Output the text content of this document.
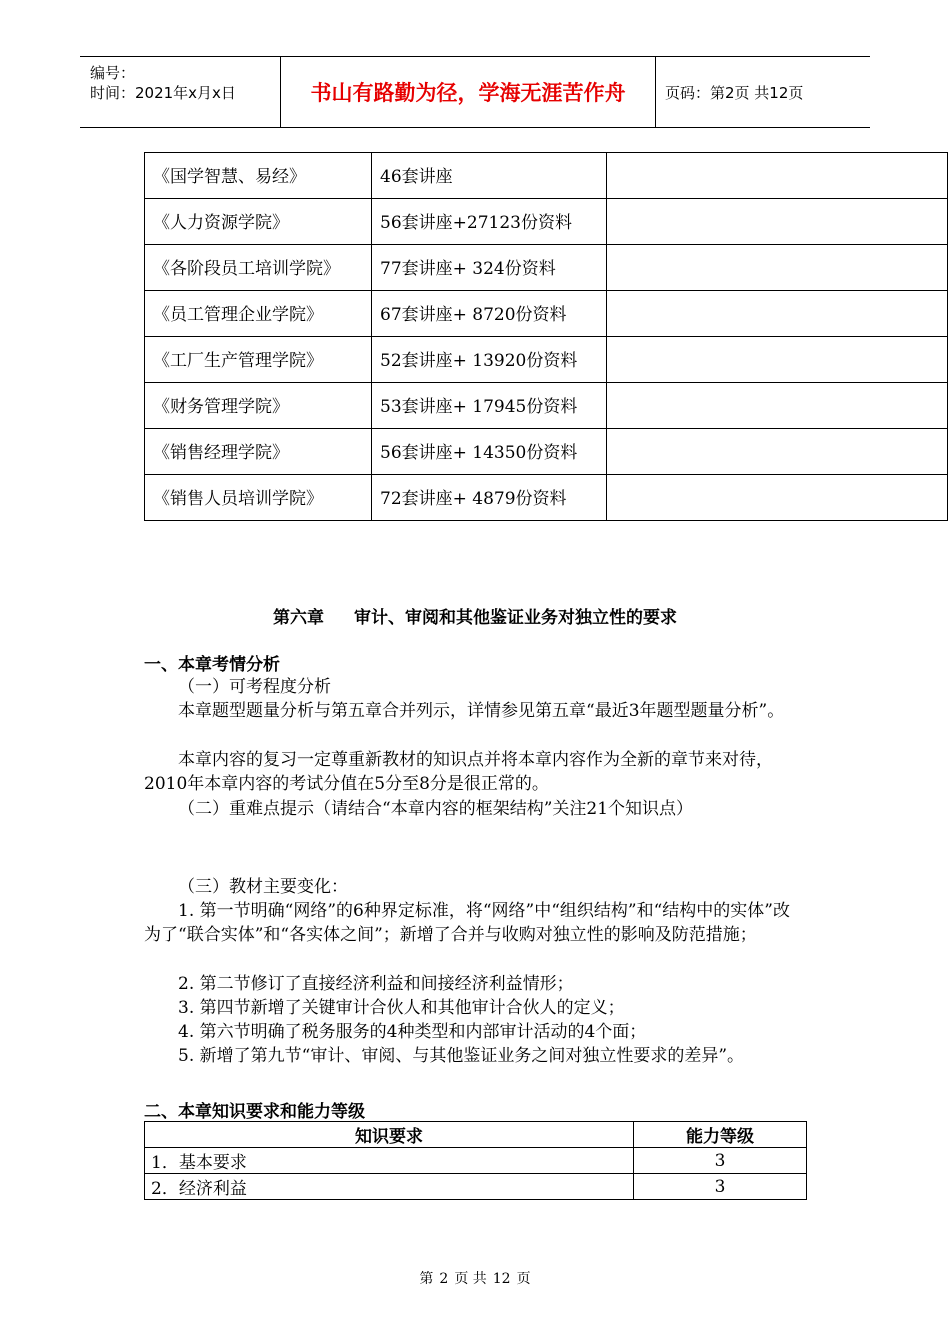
编号：
时间：2021年x月x日	书山有路勤为径，学海无涯苦作舟	页码：第2页 共12页
《国学智慧、易经》	46套讲座	
《人力资源学院》	56套讲座+27123份资料	
《各阶段员工培训学院》	77套讲座+ 324份资料	
《员工管理企业学院》	67套讲座+ 8720份资料	
《工厂生产管理学院》	52套讲座+ 13920份资料	
《财务管理学院》	53套讲座+ 17945份资料	
《销售经理学院》	56套讲座+ 14350份资料	
《销售人员培训学院》	72套讲座+ 4879份资料	
第六章 审计、审阅和其他鉴证业务对独立性的要求
一、本章考情分析
（一）可考程度分析
本章题型题量分析与第五章合并列示，详情参见第五章“最近3年题型题量分析”。
本章内容的复习一定尊重新教材的知识点并将本章内容作为全新的章节来对待，2010年本章内容的考试分值在5分至8分是很正常的。
（二）重难点提示（请结合“本章内容的框架结构”关注21个知识点）
（三）教材主要变化：
1. 第一节明确“网络”的6种界定标准，将“网络”中“组织结构”和“结构中的实体”改为了“联合实体”和“各实体之间”；新增了合并与收购对独立性的影响及防范措施；
2. 第二节修订了直接经济利益和间接经济利益情形；
3. 第四节新增了关键审计合伙人和其他审计合伙人的定义；
4. 第六节明确了税务服务的4种类型和内部审计活动的4个面；
5. 新增了第九节“审计、审阅、与其他鉴证业务之间对独立性要求的差异”。
二、本章知识要求和能力等级
知识要求	能力等级
1．基本要求	3
2．经济利益	3
第 2 页 共 12 页
